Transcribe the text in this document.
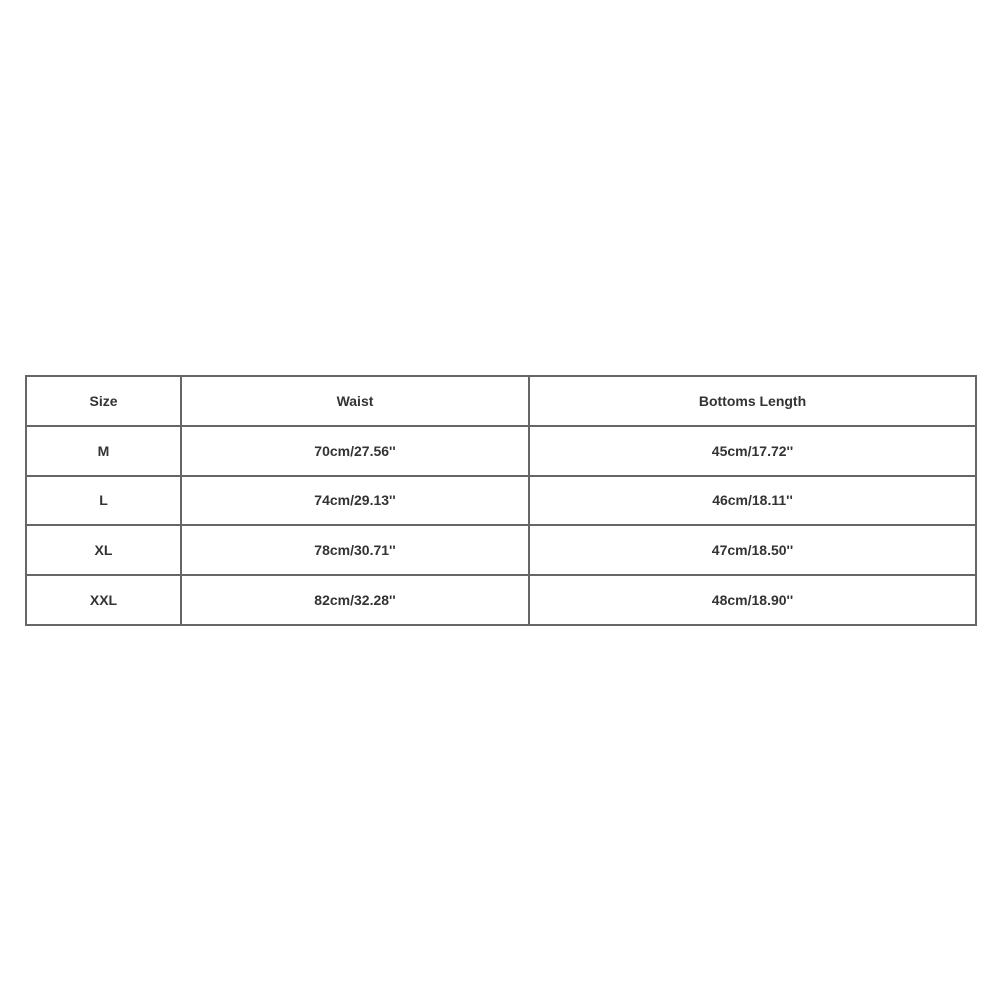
Size	Waist	Bottoms Length
M	70cm/27.56''	45cm/17.72''
L	74cm/29.13''	46cm/18.11''
XL	78cm/30.71''	47cm/18.50''
XXL	82cm/32.28''	48cm/18.90''
